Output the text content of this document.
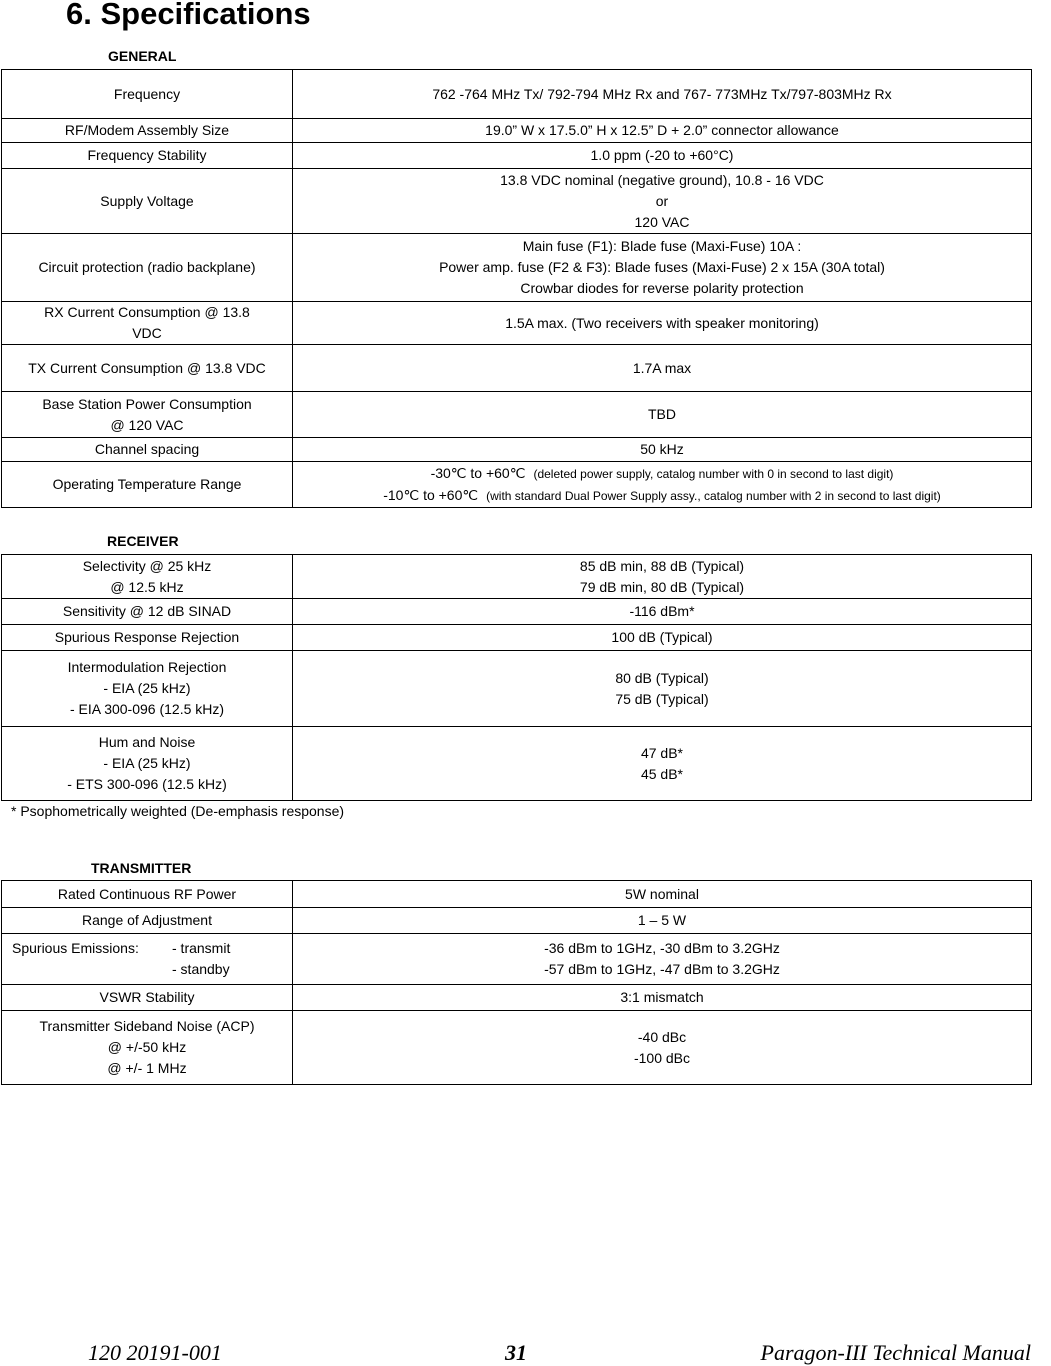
6. Specifications
GENERAL
Frequency	762 -764 MHz Tx/ 792-794 MHz Rx and 767- 773MHz Tx/797-803MHz Rx

RF/Modem Assembly Size	19.0” W x 17.5.0” H x 12.5” D + 2.0” connector allowance

Frequency Stability	1.0 ppm (-20 to +60°C)

Supply Voltage	13.8 VDC nominal (negative ground), 10.8 - 16 VDC
or
120 VAC

Circuit protection (radio backplane)	Main fuse (F1): Blade fuse (Maxi-Fuse) 10A :
Power amp. fuse (F2 & F3): Blade fuses (Maxi-Fuse) 2 x 15A (30A total)
Crowbar diodes for reverse polarity protection

RX Current Consumption @ 13.8
VDC	1.5A max. (Two receivers with speaker monitoring)

TX Current Consumption @ 13.8 VDC	1.7A max

Base Station Power Consumption
@ 120 VAC	TBD

Channel spacing	50 kHz

Operating Temperature Range	-30℃ to +60℃ (deleted power supply, catalog number with 0 in second to last digit)
-10℃ to +60℃ (with standard Dual Power Supply assy., catalog number with 2 in second to last digit)
RECEIVER
Selectivity @ 25 kHz
@ 12.5 kHz	85 dB min, 88 dB (Typical)
79 dB min, 80 dB (Typical)

Sensitivity @ 12 dB SINAD	-116 dBm*

Spurious Response Rejection	100 dB (Typical)

Intermodulation Rejection
- EIA (25 kHz)
- EIA 300-096 (12.5 kHz)	80 dB (Typical)
75 dB (Typical)

Hum and Noise
- EIA (25 kHz)
- ETS 300-096 (12.5 kHz)	47 dB*
45 dB*
* Psophometrically weighted (De-emphasis response)
TRANSMITTER
Rated Continuous RF Power	5W nominal

Range of Adjustment	1 – 5 W

Spurious Emissions: - transmit
- standby	-36 dBm to 1GHz, -30 dBm to 3.2GHz
-57 dBm to 1GHz, -47 dBm to 3.2GHz

VSWR Stability	3:1 mismatch

Transmitter Sideband Noise (ACP)
@ +/-50 kHz
@ +/- 1 MHz	-40 dBc
-100 dBc
120 20191-001	31	Paragon-III Technical Manual
